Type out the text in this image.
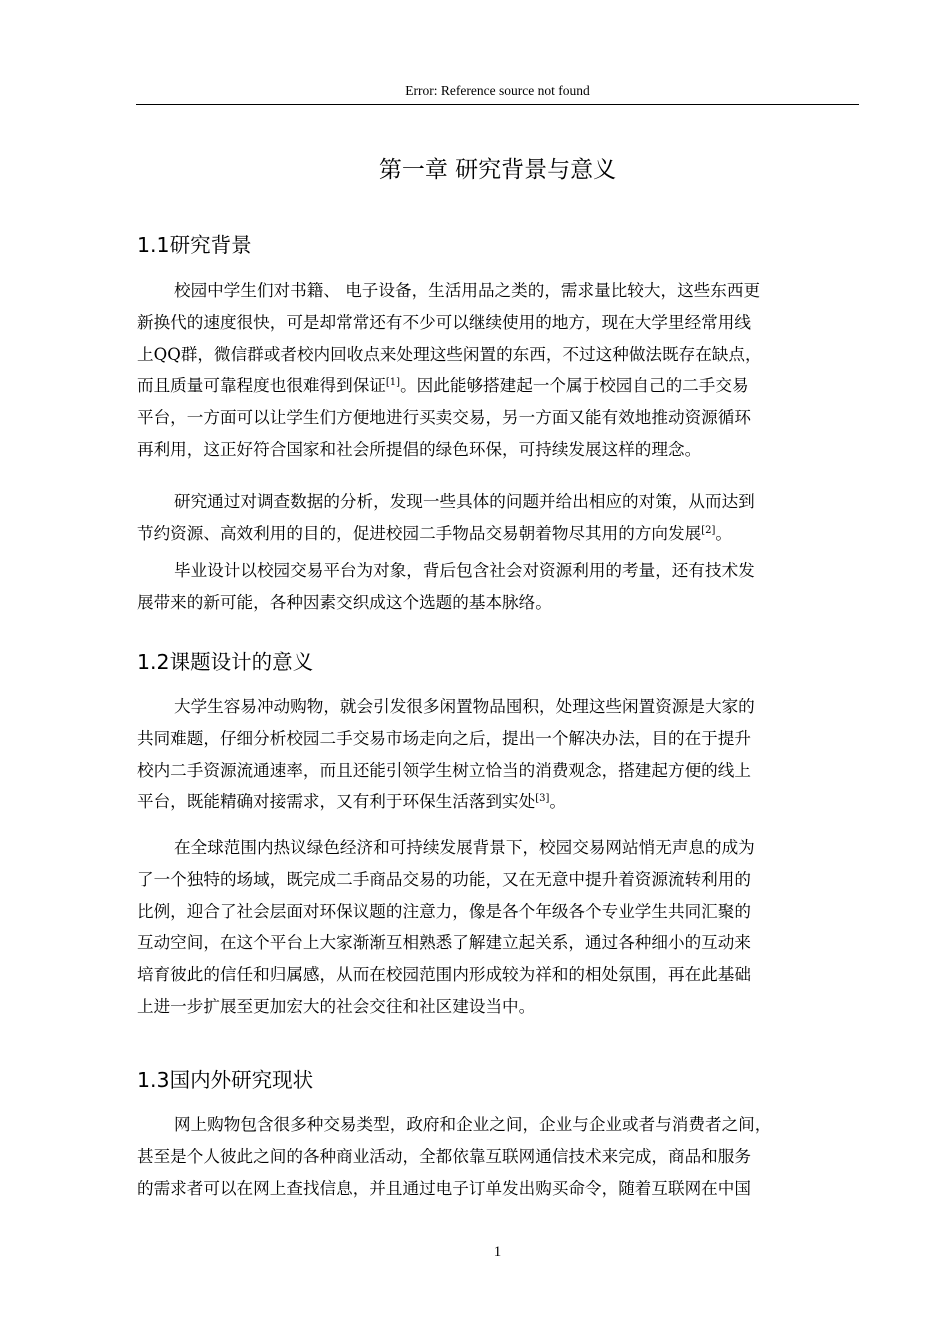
Error: Reference source not found
第一章 研究背景与意义
1.1研究背景
校园中学生们对书籍、 电子设备，生活用品之类的，需求量比较大，这些东西更
新换代的速度很快，可是却常常还有不少可以继续使用的地方，现在大学里经常用线
上QQ群，微信群或者校内回收点来处理这些闲置的东西，不过这种做法既存在缺点，
而且质量可靠程度也很难得到保证[1]。因此能够搭建起一个属于校园自己的二手交易
平台，一方面可以让学生们方便地进行买卖交易，另一方面又能有效地推动资源循环
再利用，这正好符合国家和社会所提倡的绿色环保，可持续发展这样的理念。
研究通过对调查数据的分析，发现一些具体的问题并给出相应的对策，从而达到
节约资源、高效利用的目的，促进校园二手物品交易朝着物尽其用的方向发展[2]。
毕业设计以校园交易平台为对象，背后包含社会对资源利用的考量，还有技术发
展带来的新可能，各种因素交织成这个选题的基本脉络。
1.2课题设计的意义
大学生容易冲动购物，就会引发很多闲置物品囤积，处理这些闲置资源是大家的
共同难题，仔细分析校园二手交易市场走向之后，提出一个解决办法，目的在于提升
校内二手资源流通速率，而且还能引领学生树立恰当的消费观念，搭建起方便的线上
平台，既能精确对接需求，又有利于环保生活落到实处[3]。
在全球范围内热议绿色经济和可持续发展背景下，校园交易网站悄无声息的成为
了一个独特的场域，既完成二手商品交易的功能，又在无意中提升着资源流转利用的
比例，迎合了社会层面对环保议题的注意力，像是各个年级各个专业学生共同汇聚的
互动空间，在这个平台上大家渐渐互相熟悉了解建立起关系，通过各种细小的互动来
培育彼此的信任和归属感，从而在校园范围内形成较为祥和的相处氛围，再在此基础
上进一步扩展至更加宏大的社会交往和社区建设当中。
1.3国内外研究现状
网上购物包含很多种交易类型，政府和企业之间，企业与企业或者与消费者之间，
甚至是个人彼此之间的各种商业活动，全都依靠互联网通信技术来完成，商品和服务
的需求者可以在网上查找信息，并且通过电子订单发出购买命令，随着互联网在中国
1
